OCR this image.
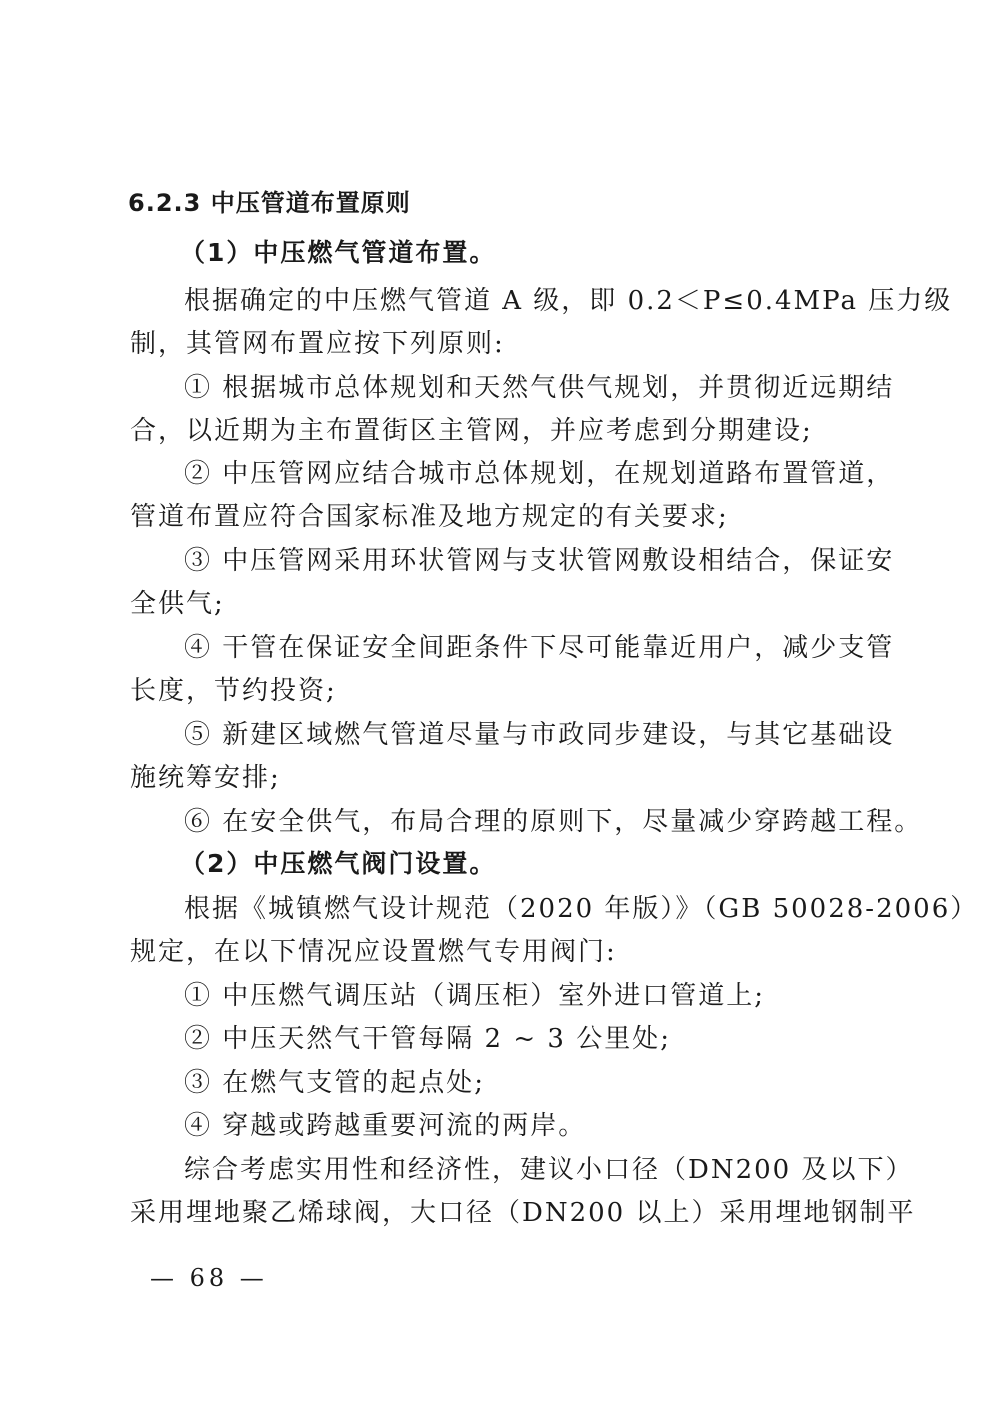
6.2.3 中压管道布置原则
（1）中压燃气管道布置。
根据确定的中压燃气管道 A 级，即 0.2＜P≤0.4MPa 压力级
制，其管网布置应按下列原则:
① 根据城市总体规划和天然气供气规划，并贯彻近远期结
合，以近期为主布置街区主管网，并应考虑到分期建设;
② 中压管网应结合城市总体规划，在规划道路布置管道，
管道布置应符合国家标准及地方规定的有关要求;
③ 中压管网采用环状管网与支状管网敷设相结合，保证安
全供气;
④ 干管在保证安全间距条件下尽可能靠近用户，减少支管
长度，节约投资;
⑤ 新建区域燃气管道尽量与市政同步建设，与其它基础设
施统筹安排;
⑥ 在安全供气，布局合理的原则下，尽量减少穿跨越工程。
（2）中压燃气阀门设置。
根据《城镇燃气设计规范（2020 年版）》（GB 50028-2006）
规定，在以下情况应设置燃气专用阀门:
① 中压燃气调压站（调压柜）室外进口管道上;
② 中压天然气干管每隔 2 ~ 3 公里处;
③ 在燃气支管的起点处;
④ 穿越或跨越重要河流的两岸。
综合考虑实用性和经济性，建议小口径（DN200 及以下）
采用埋地聚乙烯球阀，大口径（DN200 以上）采用埋地钢制平
— 68 —
